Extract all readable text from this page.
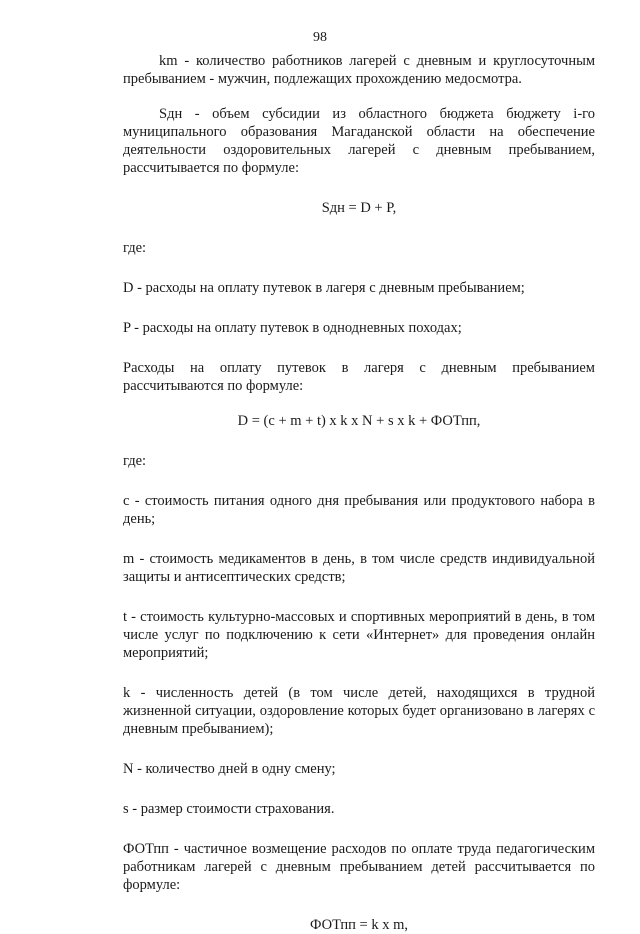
98

km - количество работников лагерей с дневным и круглосуточным пребыванием - мужчин, подлежащих прохождению медосмотра.

Sдн - объем субсидии из областного бюджета бюджету i-го муниципального образования Магаданской области на обеспечение деятельности оздоровительных лагерей с дневным пребыванием, рассчитывается по формуле:

Sдн = D + P,

где:

D - расходы на оплату путевок в лагеря с дневным пребыванием;

P - расходы на оплату путевок в однодневных походах;

Расходы на оплату путевок в лагеря с дневным пребыванием рассчитываются по формуле:

D = (c + m + t) x k x N + s x k + ФОТпп,

где:

c - стоимость питания одного дня пребывания или продуктового набора в день;

m - стоимость медикаментов в день, в том числе средств индивидуальной защиты и антисептических средств;

t - стоимость культурно-массовых и спортивных мероприятий в день, в том числе услуг по подключению к сети «Интернет» для проведения онлайн мероприятий;

k - численность детей (в том числе детей, находящихся в трудной жизненной ситуации, оздоровление которых будет организовано в лагерях с дневным пребыванием);

N - количество дней в одну смену;

s - размер стоимости страхования.

ФОТпп - частичное возмещение расходов по оплате труда педагогическим работникам лагерей с дневным пребыванием детей рассчитывается по формуле:

ФОТпп = k x m,
